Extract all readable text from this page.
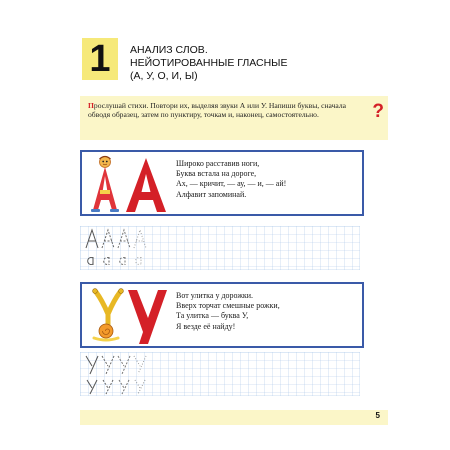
1	АНАЛИЗ СЛОВ.
НЕЙОТИРОВАННЫЕ ГЛАСНЫЕ
(А, У, О, И, Ы)
Прослушай стихи. Повтори их, выделяя звуки А или У. Напиши буквы, сначала обводя образец, затем по пунктиру, точкам и, наконец, самостоятельно.	?
Широко расставив ноги,
Буква встала на дороге,
Ах, — кричит, — ау, — и, — ай!
Алфавит запоминай.
Вот улитка у дорожки.
Вверх торчат смешные рожки,
Та улитка — буква У,
Я везде её найду!
5
